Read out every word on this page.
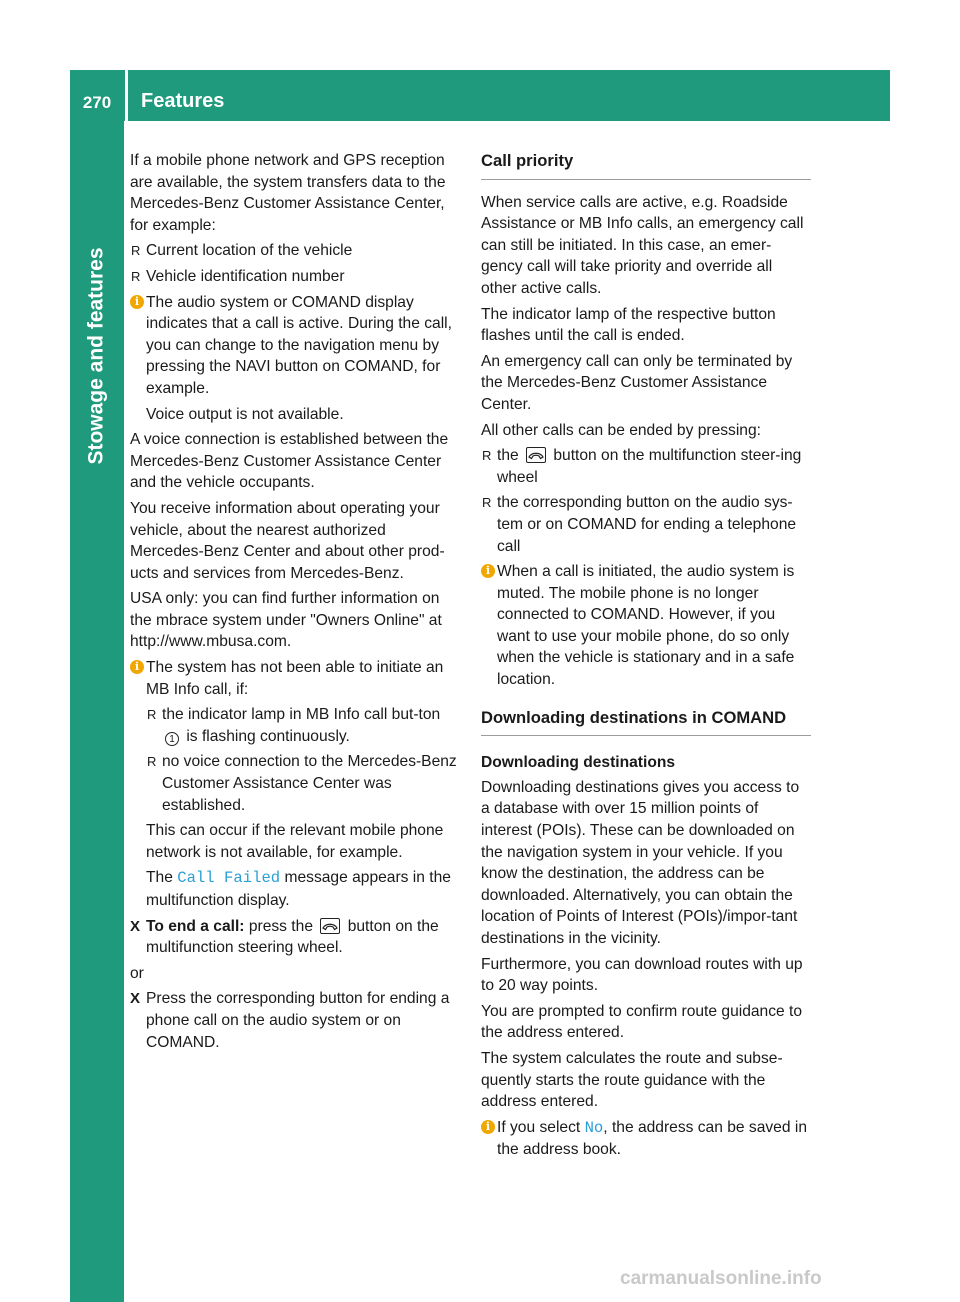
270	Features
Stowage and features

If a mobile phone network and GPS reception are available, the system transfers data to the Mercedes-Benz Customer Assistance Center, for example:

R Current location of the vehicle
R Vehicle identification number
i The audio system or COMAND display indicates that a call is active. During the call, you can change to the navigation menu by pressing the NAVI button on COMAND, for example.

Voice output is not available.

A voice connection is established between the Mercedes-Benz Customer Assistance Center and the vehicle occupants.

You receive information about operating your vehicle, about the nearest authorized Mercedes-Benz Center and about other prod-ucts and services from Mercedes-Benz.

USA only: you can find further information on the mbrace system under "Owners Online" at http://www.mbusa.com.

i The system has not been able to initiate an MB Info call, if:

R the indicator lamp in MB Info call but-ton 1 is flashing continuously.
R no voice connection to the Mercedes-Benz Customer Assistance Center was established.

This can occur if the relevant mobile phone network is not available, for example.

The Call Failed message appears in the multifunction display.

X To end a call: press the button on the multifunction steering wheel.

or

X Press the corresponding button for ending a phone call on the audio system or on COMAND.
Call priority

When service calls are active, e.g. Roadside Assistance or MB Info calls, an emergency call can still be initiated. In this case, an emer-gency call will take priority and override all other active calls.

The indicator lamp of the respective button flashes until the call is ended.

An emergency call can only be terminated by the Mercedes-Benz Customer Assistance Center.

All other calls can be ended by pressing:

R the button on the multifunction steer-ing wheel
R the corresponding button on the audio sys-tem or on COMAND for ending a telephone call
i When a call is initiated, the audio system is muted. The mobile phone is no longer connected to COMAND. However, if you want to use your mobile phone, do so only when the vehicle is stationary and in a safe location.

Downloading destinations in COMAND
Downloading destinations

Downloading destinations gives you access to a database with over 15 million points of interest (POIs). These can be downloaded on the navigation system in your vehicle. If you know the destination, the address can be downloaded. Alternatively, you can obtain the location of Points of Interest (POIs)/impor-tant destinations in the vicinity.

Furthermore, you can download routes with up to 20 way points.

You are prompted to confirm route guidance to the address entered.

The system calculates the route and subse-quently starts the route guidance with the address entered.

i If you select No, the address can be saved in the address book.

carmanualsonline.info
